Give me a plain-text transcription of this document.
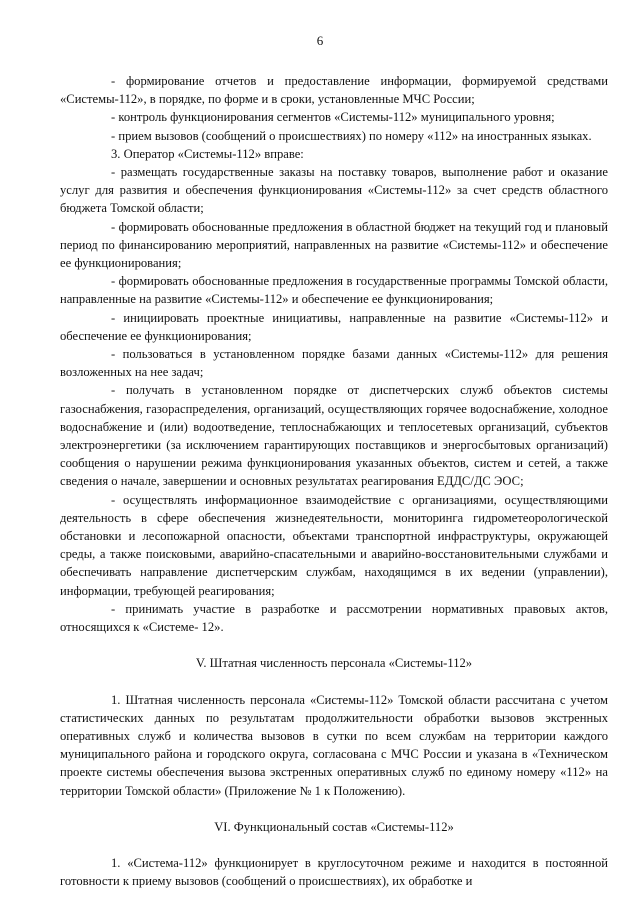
6

- формирование отчетов и предоставление информации, формируемой средствами «Системы-112», в порядке, по форме и в сроки, установленные МЧС России;

- контроль функционирования сегментов «Системы-112» муниципального уровня;

- прием вызовов (сообщений о происшествиях) по номеру «112» на иностранных языках.

3. Оператор «Системы-112» вправе:

- размещать государственные заказы на поставку товаров, выполнение работ и оказание услуг для развития и обеспечения функционирования «Системы-112» за счет средств областного бюджета Томской области;

- формировать обоснованные предложения в областной бюджет на текущий год и плановый период по финансированию мероприятий, направленных на развитие «Системы-112» и обеспечение ее функционирования;

- формировать обоснованные предложения в государственные программы Томской области, направленные на развитие «Системы-112» и обеспечение ее функционирования;

- инициировать проектные инициативы, направленные на развитие «Системы-112» и обеспечение ее функционирования;

- пользоваться в установленном порядке базами данных «Системы-112» для решения возложенных на нее задач;

- получать в установленном порядке от диспетчерских служб объектов системы газоснабжения, газораспределения, организаций, осуществляющих горячее водоснабжение, холодное водоснабжение и (или) водоотведение, теплоснабжающих и теплосетевых организаций, субъектов электроэнергетики (за исключением гарантирующих поставщиков и энергосбытовых организаций) сообщения о нарушении режима функционирования указанных объектов, систем и сетей, а также сведения о начале, завершении и основных результатах реагирования ЕДДС/ДС ЭОС;

- осуществлять информационное взаимодействие с организациями, осуществляющими деятельность в сфере обеспечения жизнедеятельности, мониторинга гидрометеорологической обстановки и лесопожарной опасности, объектами транспортной инфраструктуры, окружающей среды, а также поисковыми, аварийно-спасательными и аварийно-восстановительными службами и обеспечивать направление диспетчерским службам, находящимся в их ведении (управлении), информации, требующей реагирования;

- принимать участие в разработке и рассмотрении нормативных правовых актов, относящихся к «Системе- 12».

V. Штатная численность персонала «Системы-112»

1. Штатная численность персонала «Системы-112» Томской области рассчитана с учетом статистических данных по результатам продолжительности обработки вызовов экстренных оперативных служб и количества вызовов в сутки по всем службам на территории каждого муниципального района и городского округа, согласована с МЧС России и указана в «Техническом проекте системы обеспечения вызова экстренных оперативных служб по единому номеру «112» на территории Томской области» (Приложение № 1 к Положению).

VI. Функциональный состав «Системы-112»

1. «Система-112» функционирует в круглосуточном режиме и находится в постоянной готовности к приему вызовов (сообщений о происшествиях), их обработке и
